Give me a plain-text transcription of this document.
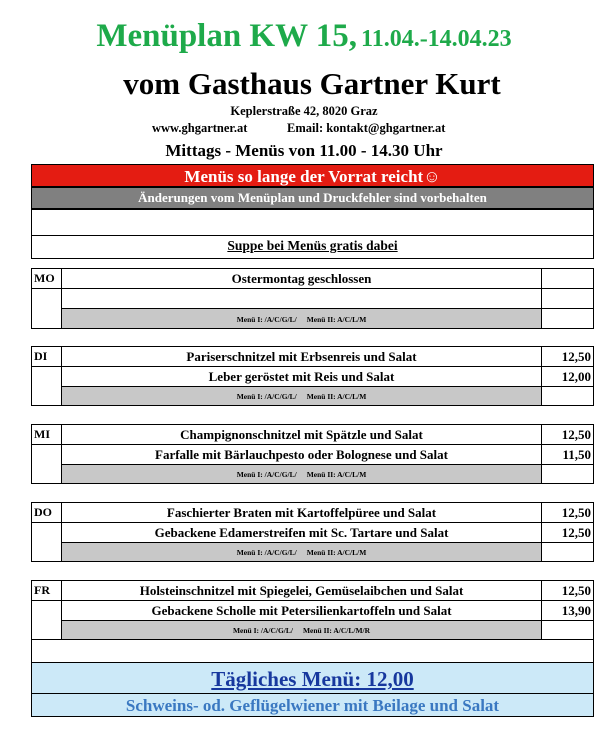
Menüplan KW 15, 11.04.-14.04.23
vom Gasthaus Gartner Kurt
Keplerstraße 42, 8020 Graz
www.ghgartner.at	Email: kontakt@ghgartner.at
Mittags - Menüs von 11.00 - 14.30 Uhr
Menüs so lange der Vorrat reicht☺
Änderungen vom Menüplan und Druckfehler sind vorbehalten
Suppe bei Menüs gratis dabei
MO	Ostermontag geschlossen
Menü I: /A/C/G/L/ Menü II: A/C/L/M
DI	Pariserschnitzel mit Erbsenreis und Salat	12,50
Leber geröstet mit Reis und Salat	12,00
Menü I: /A/C/G/L/ Menü II: A/C/L/M
MI	Champignonschnitzel mit Spätzle und Salat	12,50
Farfalle mit Bärlauchpesto oder Bolognese und Salat	11,50
Menü I: /A/C/G/L/ Menü II: A/C/L/M
DO	Faschierter Braten mit Kartoffelpüree und Salat	12,50
Gebackene Edamerstreifen mit Sc. Tartare und Salat	12,50
Menü I: /A/C/G/L/ Menü II: A/C/L/M
FR	Holsteinschnitzel mit Spiegelei, Gemüselaibchen und Salat	12,50
Gebackene Scholle mit Petersilienkartoffeln und Salat	13,90
Menü I: /A/C/G/L/ Menü II: A/C/L/M/R
Tägliches Menü: 12,00
Schweins- od. Geflügelwiener mit Beilage und Salat
